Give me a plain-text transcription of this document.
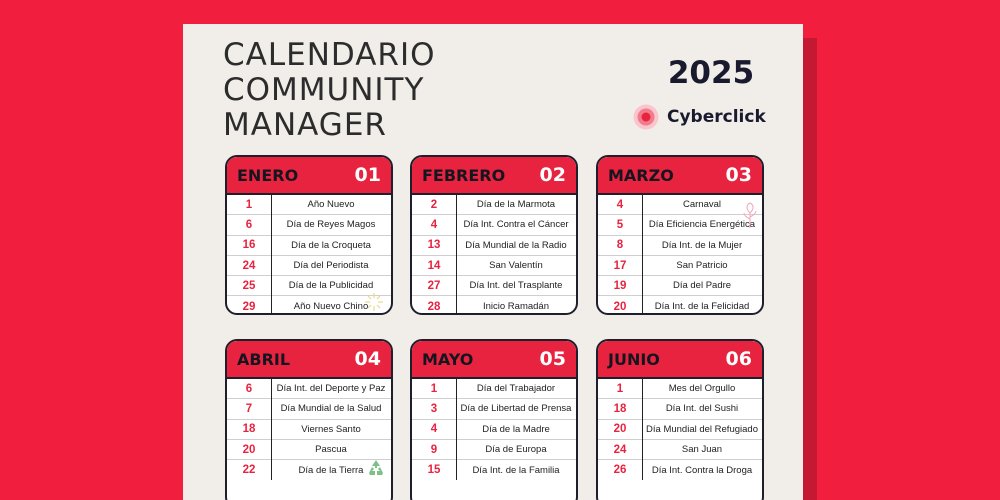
CALENDARIO
COMMUNITY
MANAGER
2025
Cyberclick
ENERO	01
1	Año Nuevo
6	Día de Reyes Magos
16	Día de la Croqueta
24	Día del Periodista
25	Día de la Publicidad
29	Año Nuevo Chino
FEBRERO 02
2	Día de la Marmota
4	Día Int. Contra el Cáncer
13	Día Mundial de la Radio
14	San Valentín
27	Día Int. del Trasplante
28	Inicio Ramadán
MARZO	03
4	Carnaval
5	Día Eficiencia Energética
8	Día Int. de la Mujer
17	San Patricio
19	Día del Padre
20	Día Int. de la Felicidad
ABRIL	04
6	Día Int. del Deporte y Paz
7	Día Mundial de la Salud
18	Viernes Santo
20	Pascua
22	Día de la Tierra
MAYO	05
1	Día del Trabajador
3	Día de Libertad de Prensa
4	Día de la Madre
9	Día de Europa
15	Día Int. de la Familia
JUNIO	06
1	Mes del Orgullo
18	Día Int. del Sushi
20	Día Mundial del Refugiado
24	San Juan
26	Día Int. Contra la Droga
